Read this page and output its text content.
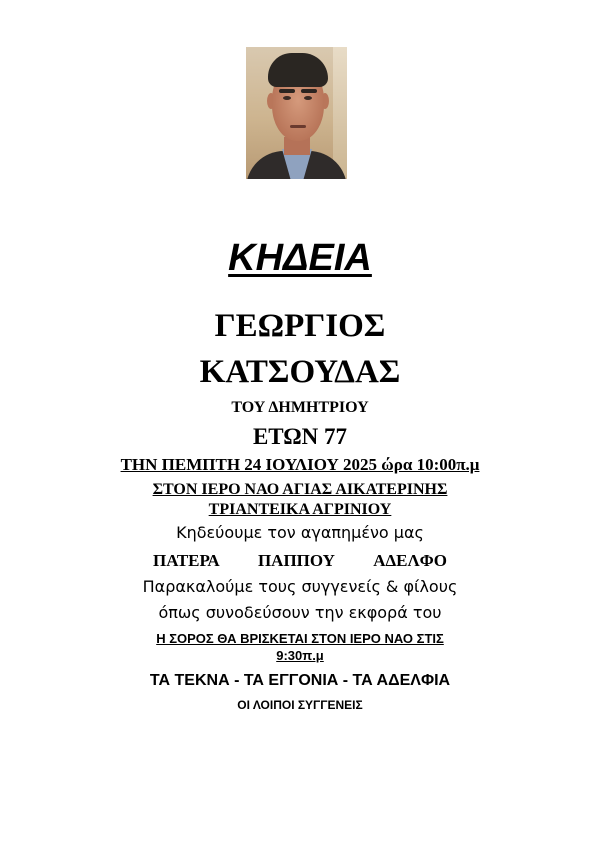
ΚΗΔΕΙΑ

ΓΕΩΡΓΙΟΣ

ΚΑΤΣΟΥΔΑΣ

ΤΟΥ ΔΗΜΗΤΡΙΟΥ

ΕΤΩΝ 77

ΤΗΝ ΠΕΜΠΤΗ 24 ΙΟΥΛΙΟΥ 2025 ώρα 10:00π.μ

ΣΤΟΝ ΙΕΡΟ ΝΑΟ ΑΓΙΑΣ ΑΙΚΑΤΕΡΙΝΗΣ

ΤΡΙΑΝΤΕΙΚΑ ΑΓΡΙΝΙΟΥ

Κηδεύουμε τον αγαπημένο μας

ΠΑΤΕΡΑ ΠΑΠΠΟΥ ΑΔΕΛΦΟ

Παρακαλούμε τους συγγενείς & φίλους

όπως συνοδεύσουν την εκφορά του

Η ΣΟΡΟΣ ΘΑ ΒΡΙΣΚΕΤΑΙ ΣΤΟΝ ΙΕΡΟ ΝΑΟ ΣΤΙΣ

9:30π.μ

ΤΑ ΤΕΚΝΑ - ΤΑ ΕΓΓΟΝΙΑ - ΤΑ ΑΔΕΛΦΙΑ

ΟΙ ΛΟΙΠΟΙ ΣΥΓΓΕΝΕΙΣ
